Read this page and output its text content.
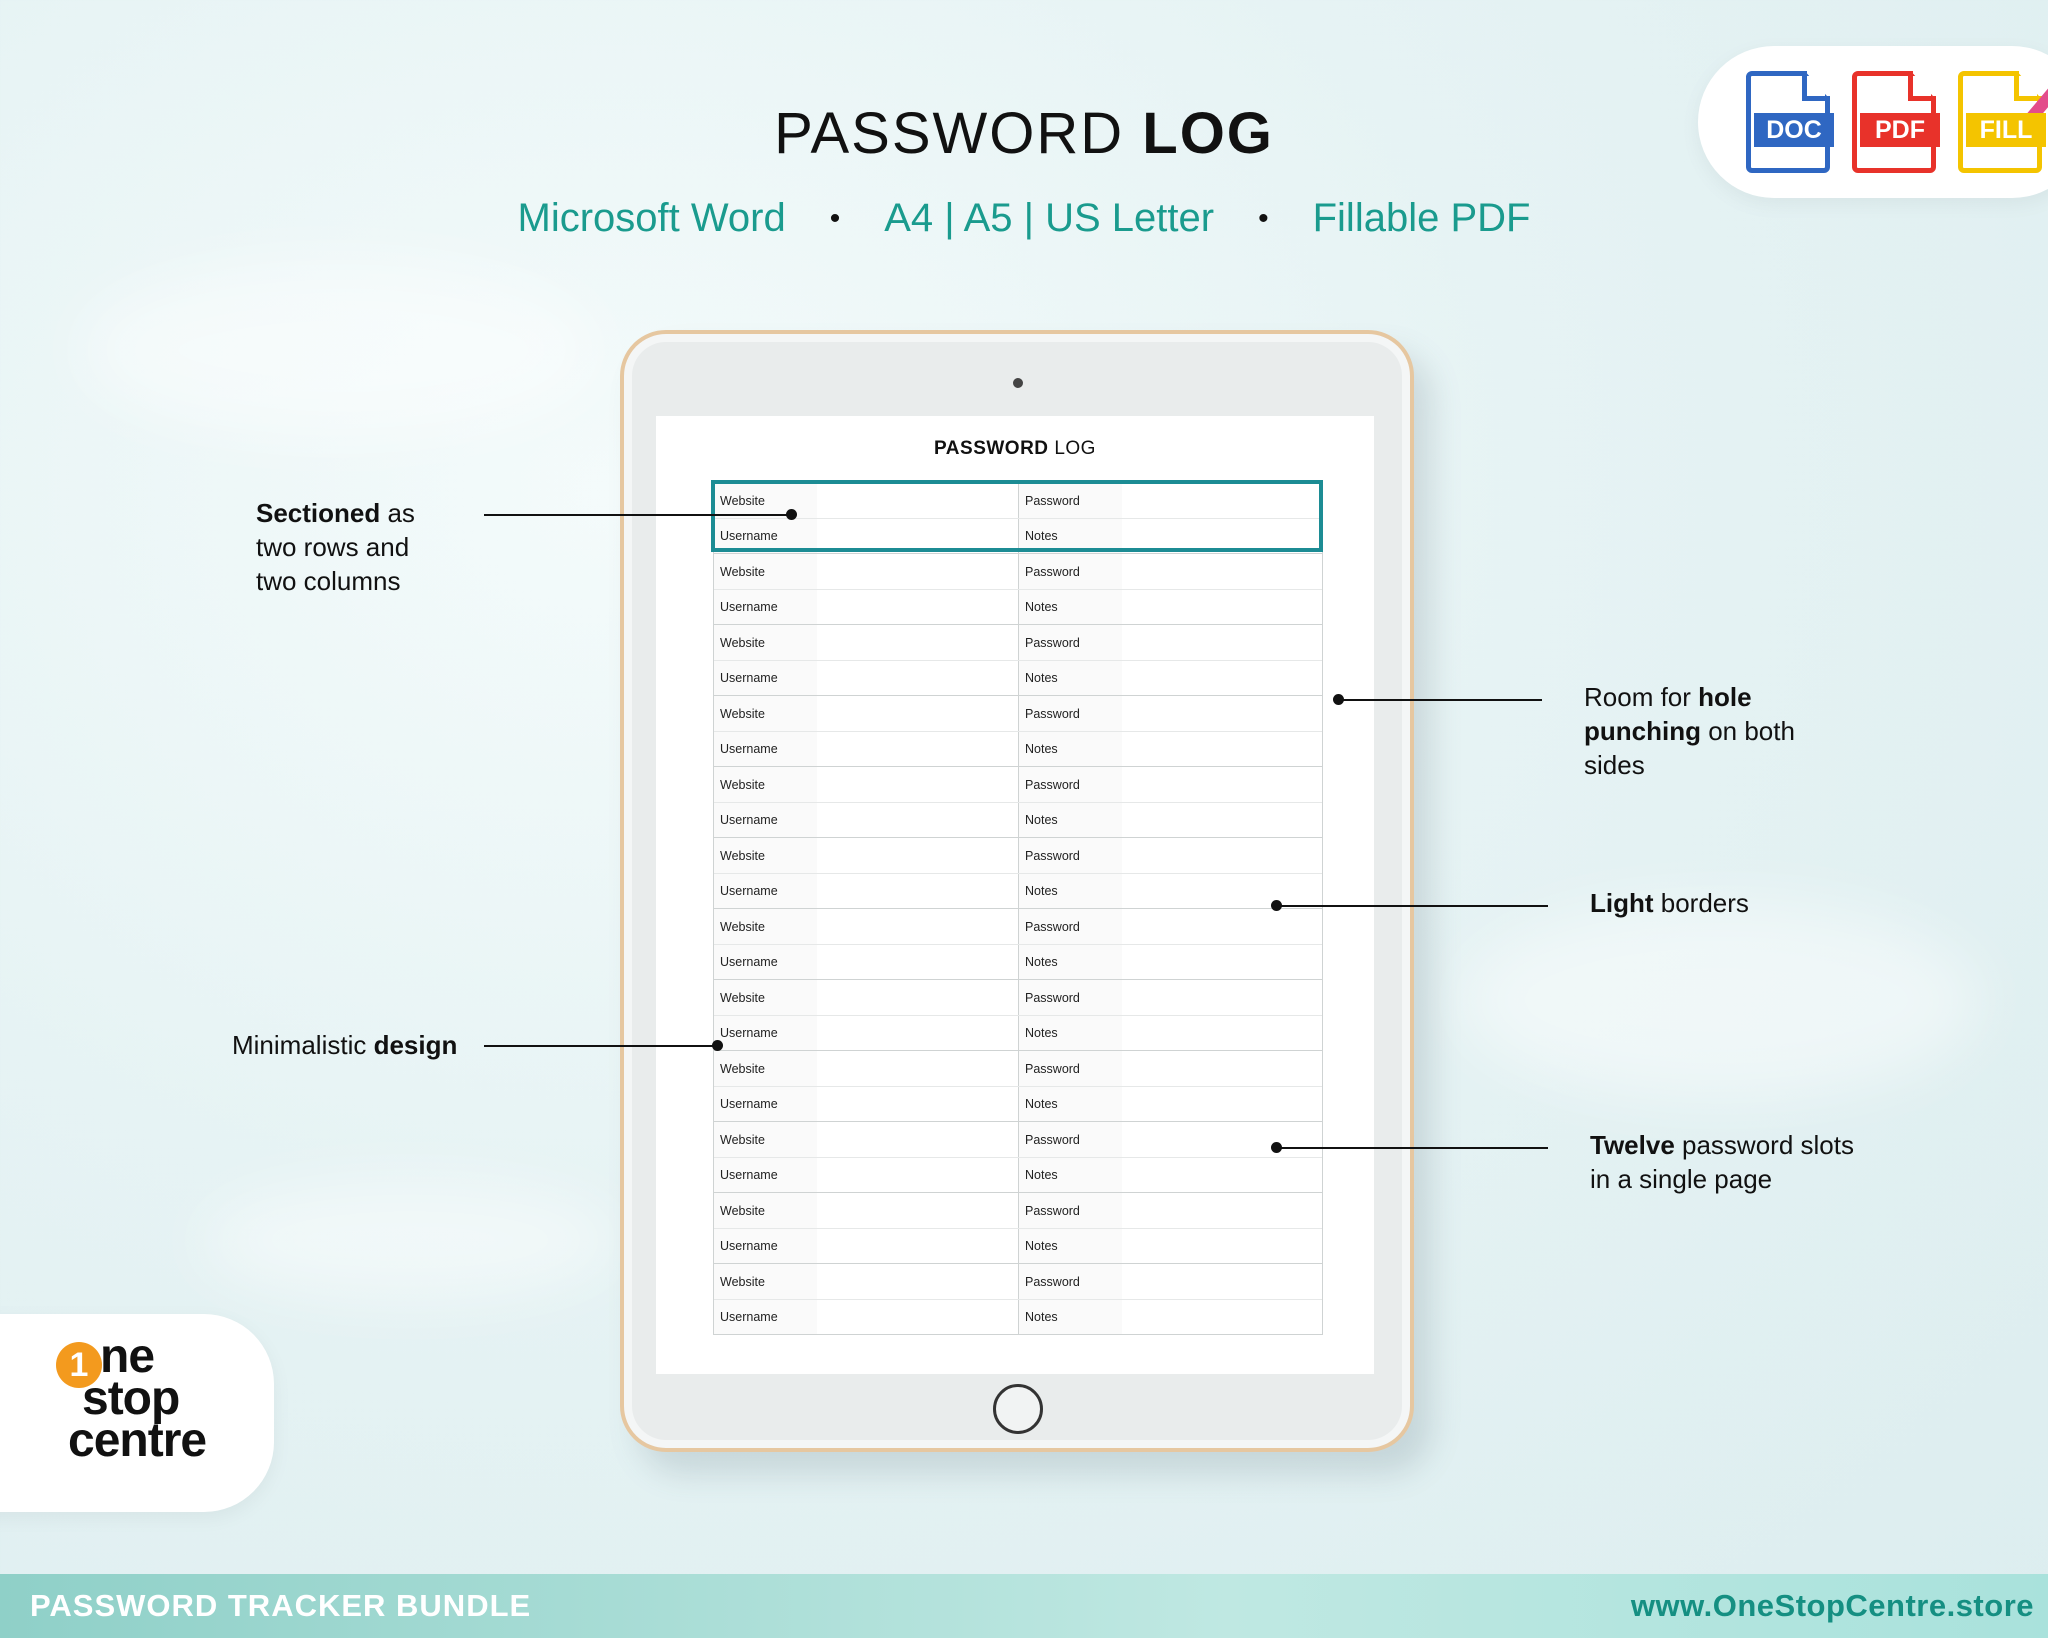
PASSWORD LOG
Microsoft Word • A4 | A5 | US Letter • Fillable PDF
DOC	PDF	FILL
PASSWORD LOG
Website	Password
Username	Notes
Website	Password
Username	Notes
Website	Password
Username	Notes
Website	Password
Username	Notes
Website	Password
Username	Notes
Website	Password
Username	Notes
Website	Password
Username	Notes
Website	Password
Username	Notes
Website	Password
Username	Notes
Website	Password
Username	Notes
Website	Password
Username	Notes
Website	Password
Username	Notes
Sectioned as
two rows and
two columns
Minimalistic design
Room for hole
punching on both
sides
Light borders
Twelve password slots
in a single page
1 ne
stop
centre
PASSWORD TRACKER BUNDLE	www.OneStopCentre.store
